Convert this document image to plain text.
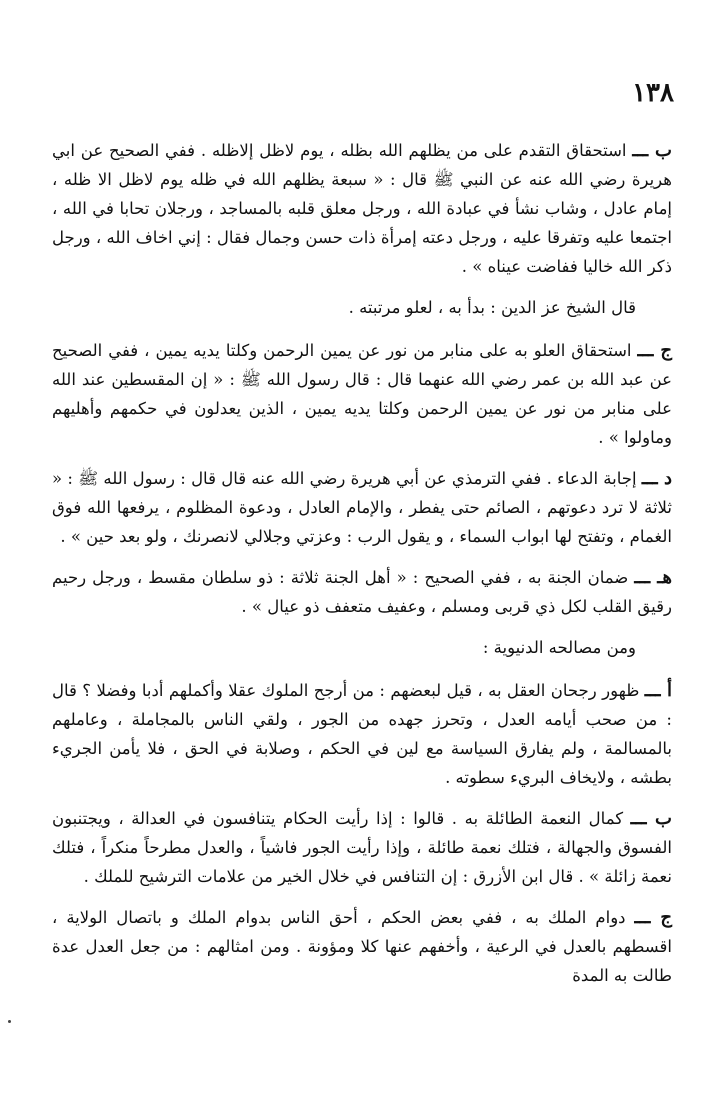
١٣٨

ب ـــ استحقاق التقدم على من يظلهم الله بظله ، يوم لاظل إلاظله . ففي الصحيح عن ابي هريرة رضي الله عنه عن النبي ﷺ قال : « سبعة يظلهم الله في ظله يوم لاظل الا ظله ، إمام عادل ، وشاب نشأ في عبادة الله ، ورجل معلق قلبه بالمساجد ، ورجلان تحابا في الله ، اجتمعا عليه وتفرقا عليه ، ورجل دعته إمرأة ذات حسن وجمال فقال : إني اخاف الله ، ورجل ذكر الله خاليا ففاضت عيناه » .

قال الشيخ عز الدين : بدأ به ، لعلو مرتبته .

ج ـــ استحقاق العلو به على منابر من نور عن يمين الرحمن وكلتا يديه يمين ، ففي الصحيح عن عبد الله بن عمر رضي الله عنهما قال : قال رسول الله ﷺ : « إن المقسطين عند الله على منابر من نور عن يمين الرحمن وكلتا يديه يمين ، الذين يعدلون في حكمهم وأهليهم وماولوا » .

د ـــ إجابة الدعاء . ففي الترمذي عن أبي هريرة رضي الله عنه قال قال : رسول الله ﷺ : « ثلاثة لا ترد دعوتهم ، الصائم حتى يفطر ، والإمام العادل ، ودعوة المظلوم ، يرفعها الله فوق الغمام ، وتفتح لها ابواب السماء ، و يقول الرب : وعزتي وجلالي لانصرنك ، ولو بعد حين » .

هـ ـــ ضمان الجنة به ، ففي الصحيح : « أهل الجنة ثلاثة : ذو سلطان مقسط ، ورجل رحيم رقيق القلب لكل ذي قربى ومسلم ، وعفيف متعفف ذو عيال » .

ومن مصالحه الدنيوية :

أ ـــ ظهور رجحان العقل به ، قيل لبعضهم : من أرجح الملوك عقلا وأكملهم أدبا وفضلا ؟ قال : من صحب أيامه العدل ، وتحرز جهده من الجور ، ولقي الناس بالمجاملة ، وعاملهم بالمسالمة ، ولم يفارق السياسة مع لين في الحكم ، وصلابة في الحق ، فلا يأمن الجريء بطشه ، ولايخاف البريء سطوته .

ب ـــ كمال النعمة الطائلة به . قالوا : إذا رأيت الحكام يتنافسون في العدالة ، ويجتنبون الفسوق والجهالة ، فتلك نعمة طائلة ، وإذا رأيت الجور فاشياً ، والعدل مطرحاً منكراً ، فتلك نعمة زائلة » . قال ابن الأزرق : إن التنافس في خلال الخير من علامات الترشيح للملك .

ج ـــ دوام الملك به ، ففي بعض الحكم ، أحق الناس بدوام الملك و باتصال الولاية ، اقسطهم بالعدل في الرعية ، وأخفهم عنها كلا ومؤونة . ومن امثالهم : من جعل العدل عدة طالت به المدة
